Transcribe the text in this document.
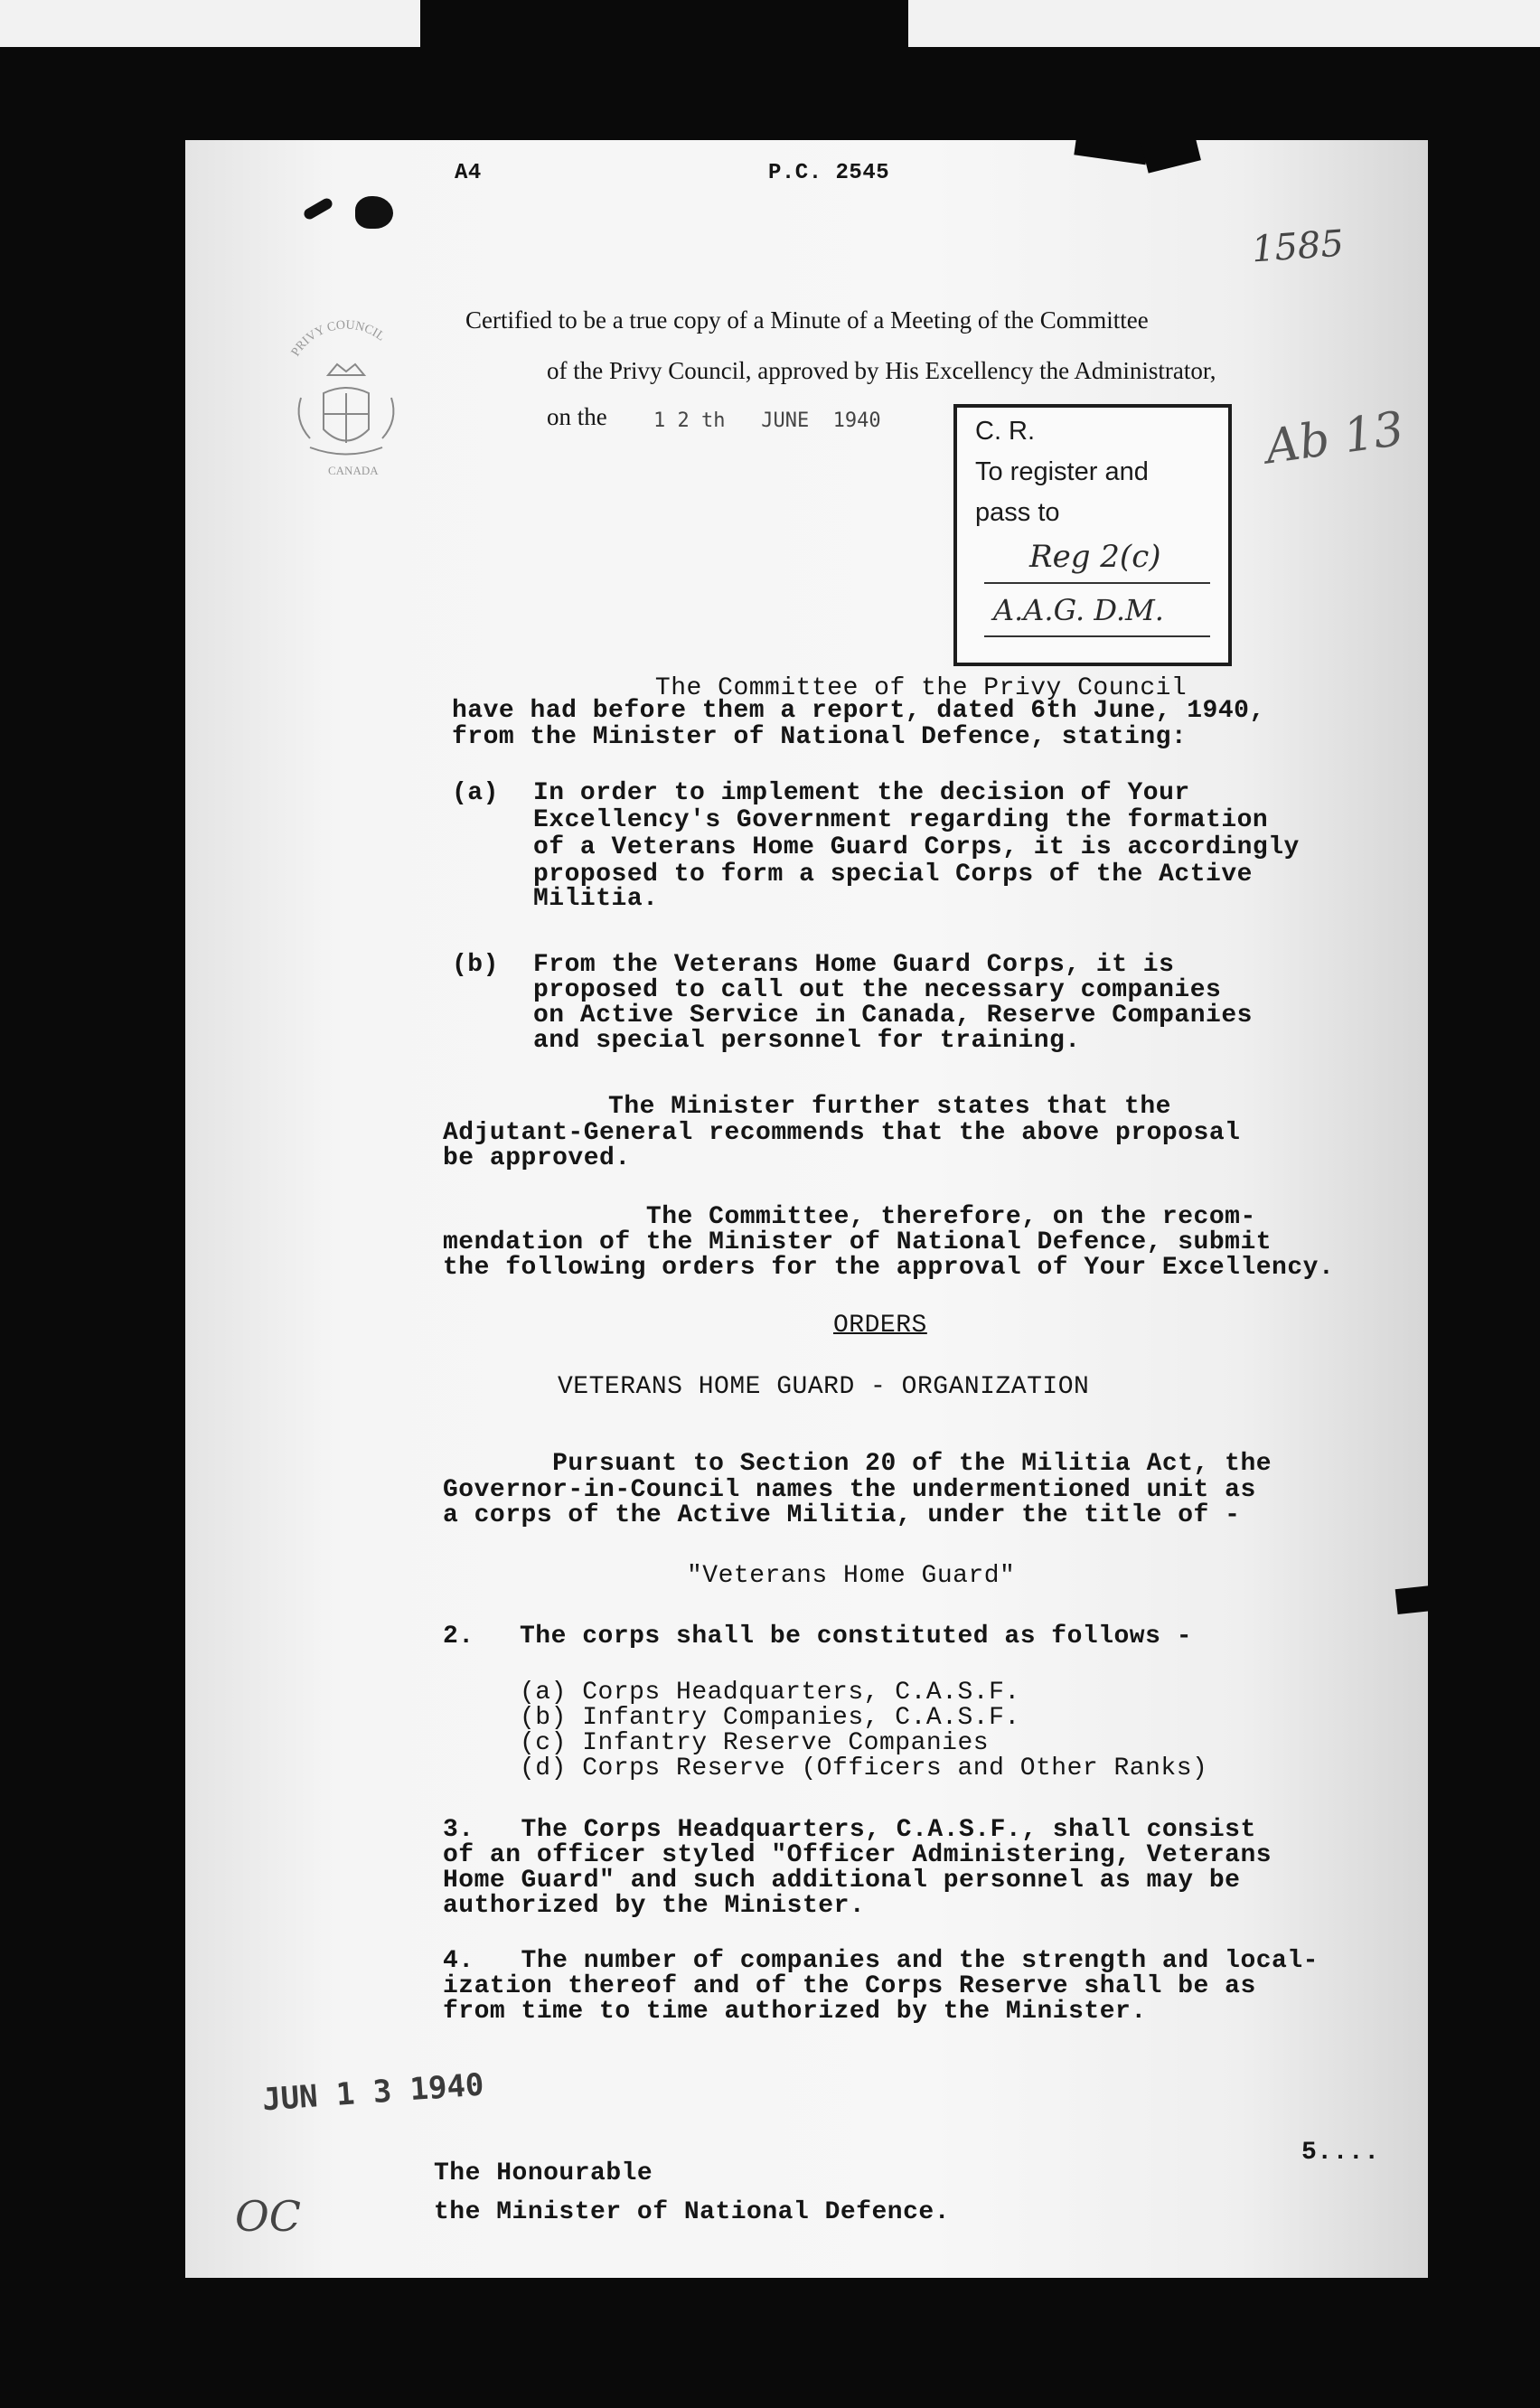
A4	P.C. 2545
1585
PRIVY COUNCIL
CANADA
Certified to be a true copy of a Minute of a Meeting of the Committee
of the Privy Council, approved by His Excellency the Administrator,
on the 1 2 th   JUNE  1940	Ab 13
C. R.
To register and
pass to
Reg 2(c)
A.A.G. D.M.
The Committee of the Privy Council
have had before them a report, dated 6th June, 1940,
from the Minister of National Defence, stating:
(a) In order to implement the decision of Your
Excellency's Government regarding the formation
of a Veterans Home Guard Corps, it is accordingly
proposed to form a special Corps of the Active
Militia.
(b) From the Veterans Home Guard Corps, it is
proposed to call out the necessary companies
on Active Service in Canada, Reserve Companies
and special personnel for training.
The Minister further states that the
Adjutant-General recommends that the above proposal
be approved.
The Committee, therefore, on the recom-
mendation of the Minister of National Defence, submit
the following orders for the approval of Your Excellency.
ORDERS
VETERANS HOME GUARD - ORGANIZATION
Pursuant to Section 20 of the Militia Act, the
Governor-in-Council names the undermentioned unit as
a corps of the Active Militia, under the title of -
"Veterans Home Guard"
2. The corps shall be constituted as follows -
(a) Corps Headquarters, C.A.S.F.
(b) Infantry Companies, C.A.S.F.
(c) Infantry Reserve Companies
(d) Corps Reserve (Officers and Other Ranks)
3.   The Corps Headquarters, C.A.S.F., shall consist
of an officer styled "Officer Administering, Veterans
Home Guard" and such additional personnel as may be
authorized by the Minister.
4.   The number of companies and the strength and local-
ization thereof and of the Corps Reserve shall be as
from time to time authorized by the Minister.
JUN 1 3 1940
5....
OC
The Honourable
the Minister of National Defence.
